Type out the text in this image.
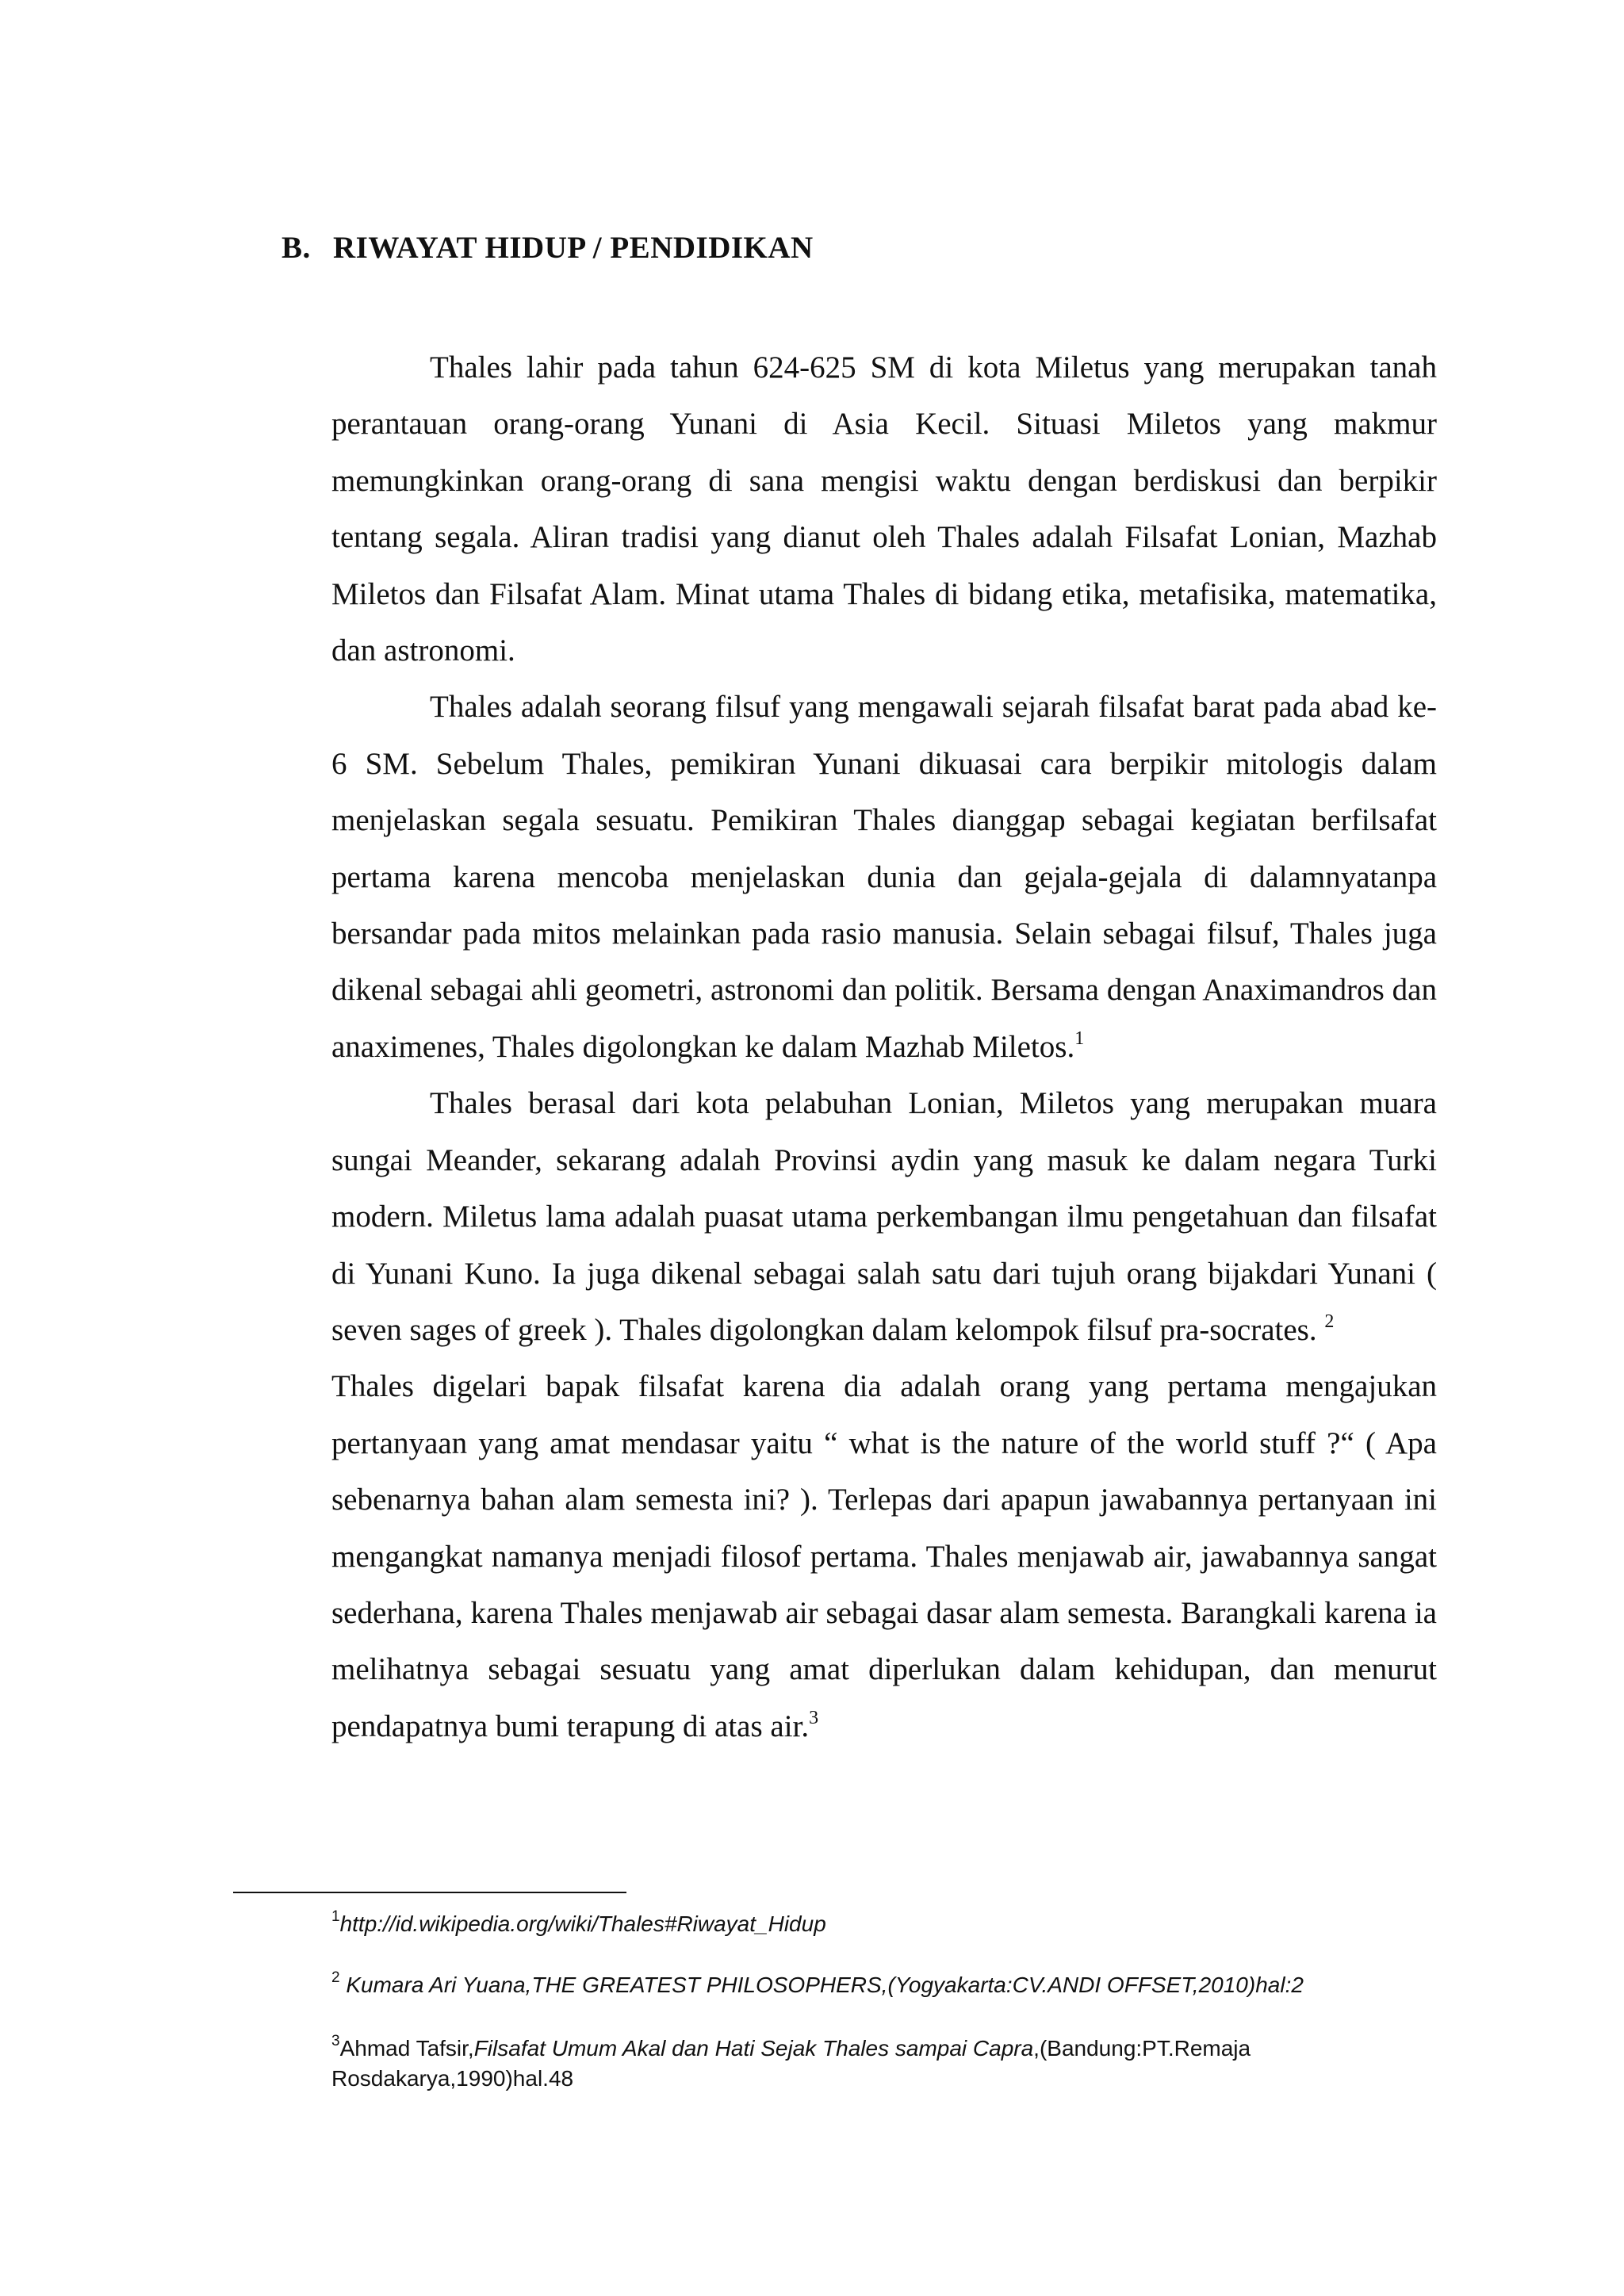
B. RIWAYAT HIDUP / PENDIDIKAN

Thales lahir pada tahun 624-625 SM di kota Miletus yang merupakan tanah perantauan orang-orang Yunani di Asia Kecil. Situasi Miletos yang makmur memungkinkan orang-orang di sana mengisi waktu dengan berdiskusi dan berpikir tentang segala. Aliran tradisi yang dianut oleh Thales adalah Filsafat Lonian, Mazhab Miletos dan Filsafat Alam. Minat utama Thales di bidang etika, metafisika, matematika, dan astronomi.

Thales adalah seorang filsuf yang mengawali sejarah filsafat barat pada abad ke-6 SM. Sebelum Thales, pemikiran Yunani dikuasai cara berpikir mitologis dalam menjelaskan segala sesuatu. Pemikiran Thales dianggap sebagai kegiatan berfilsafat pertama karena mencoba menjelaskan dunia dan gejala-gejala di dalamnyatanpa bersandar pada mitos melainkan pada rasio manusia. Selain sebagai filsuf, Thales juga dikenal sebagai ahli geometri, astronomi dan politik. Bersama dengan Anaximandros dan anaximenes, Thales digolongkan ke dalam Mazhab Miletos.$^1$

Thales berasal dari kota pelabuhan Lonian, Miletos yang merupakan muara sungai Meander, sekarang adalah Provinsi aydin yang masuk ke dalam negara Turki modern. Miletus lama adalah puasat utama perkembangan ilmu pengetahuan dan filsafat di Yunani Kuno. Ia juga dikenal sebagai salah satu dari tujuh orang bijakdari Yunani ( seven sages of greek ). Thales digolongkan dalam kelompok filsuf pra-socrates. $^2$

Thales digelari bapak filsafat karena dia adalah orang yang pertama mengajukan pertanyaan yang amat mendasar yaitu “ what is the nature of the world stuff ?“ ( Apa sebenarnya bahan alam semesta ini? ). Terlepas dari apapun jawabannya pertanyaan ini mengangkat namanya menjadi filosof pertama. Thales menjawab air, jawabannya sangat sederhana, karena Thales menjawab air sebagai dasar alam semesta. Barangkali karena ia melihatnya sebagai sesuatu yang amat diperlukan dalam kehidupan, dan menurut pendapatnya bumi terapung di atas air.$^3$

$^1$http://id.wikipedia.org/wiki/Thales#Riwayat_Hidup

$^2$ Kumara Ari Yuana,THE GREATEST PHILOSOPHERS,(Yogyakarta:CV.ANDI OFFSET,2010)hal:2

$^3$Ahmad Tafsir,Filsafat Umum Akal dan Hati Sejak Thales sampai Capra,(Bandung:PT.Remaja Rosdakarya,1990)hal.48
